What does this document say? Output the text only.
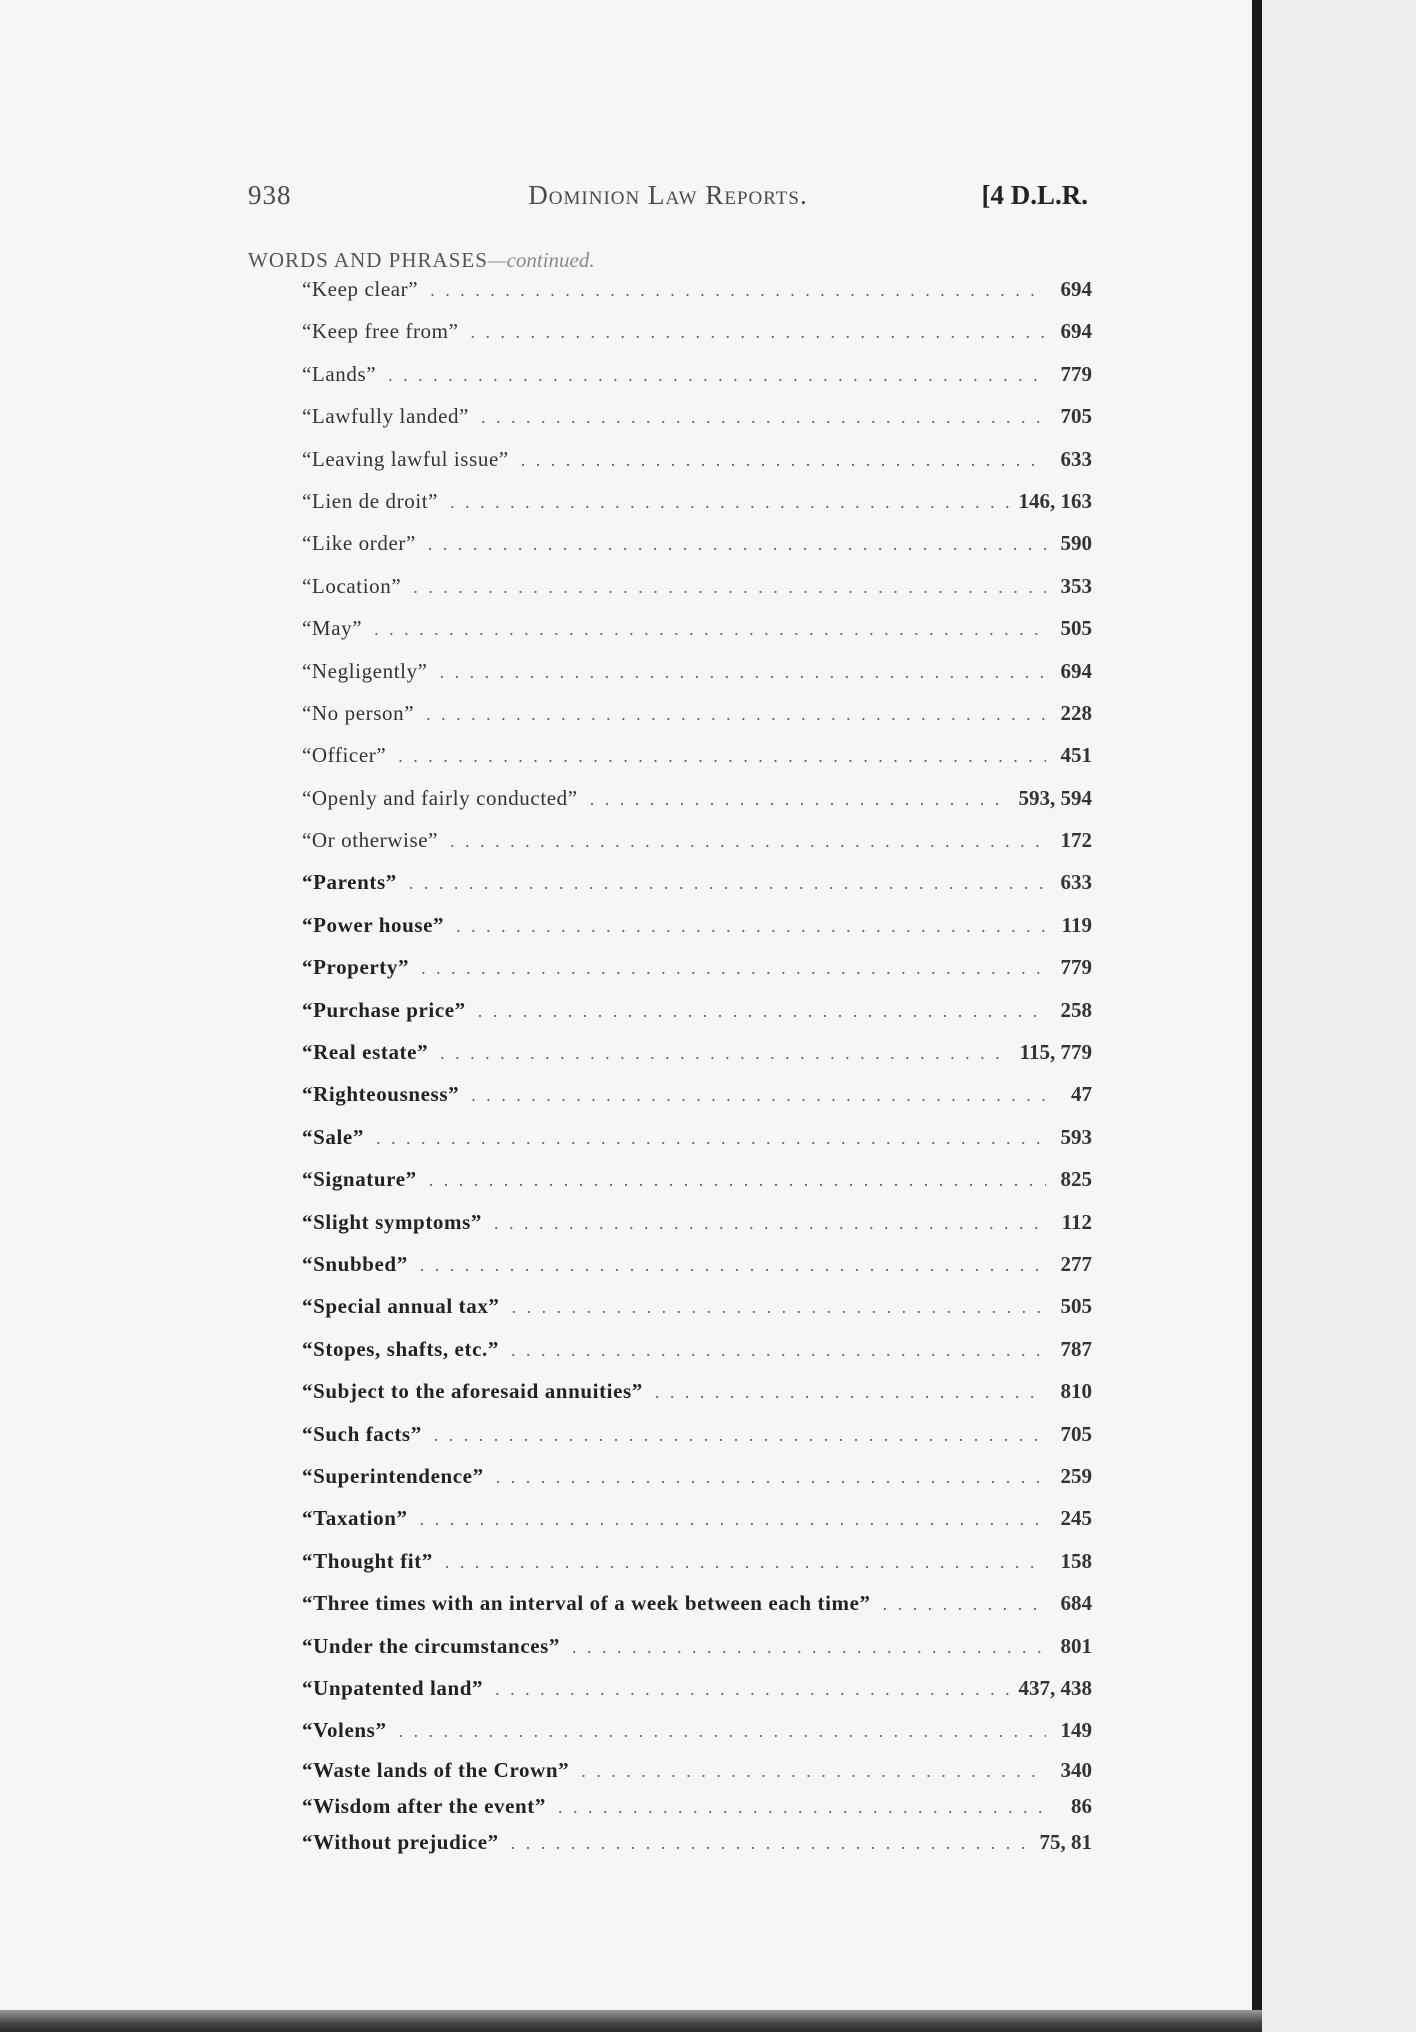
938	Dominion Law Reports.	[4 D.L.R.
WORDS AND PHRASES—continued.
“Keep clear” . . .	694
“Keep free from” . . .	694
“Lands” . . .	779
“Lawfully landed” . . .	705
“Leaving lawful issue” . . .	633
“Lien de droit” . . .	146, 163
“Like order” . . .	590
“Location” . . .	353
“May” . . .	505
“Negligently” . . .	694
“No person” . . .	228
“Officer” . . .	451
“Openly and fairly conducted” . . .	593, 594
“Or otherwise” . . .	172
“Parents” . . .	633
“Power house” . . .	119
“Property” . . .	779
“Purchase price” . . .	258
“Real estate” . . .	115, 779
“Righteousness” . . .	47
“Sale” . . .	593
“Signature” . . .	825
“Slight symptoms” . . .	112
“Snubbed” . . .	277
“Special annual tax” . . .	505
“Stopes, shafts, etc.” . . .	787
“Subject to the aforesaid annuities” . . .	810
“Such facts” . . .	705
“Superintendence” . . .	259
“Taxation” . . .	245
“Thought fit” . . .	158
“Three times with an interval of a week between each time” . . .	684
“Under the circumstances” . . .	801
“Unpatented land” . . .	437, 438
“Volens” . . .	149
“Waste lands of the Crown” . . .	340
“Wisdom after the event” . . .	86
“Without prejudice” . . .	75, 81
